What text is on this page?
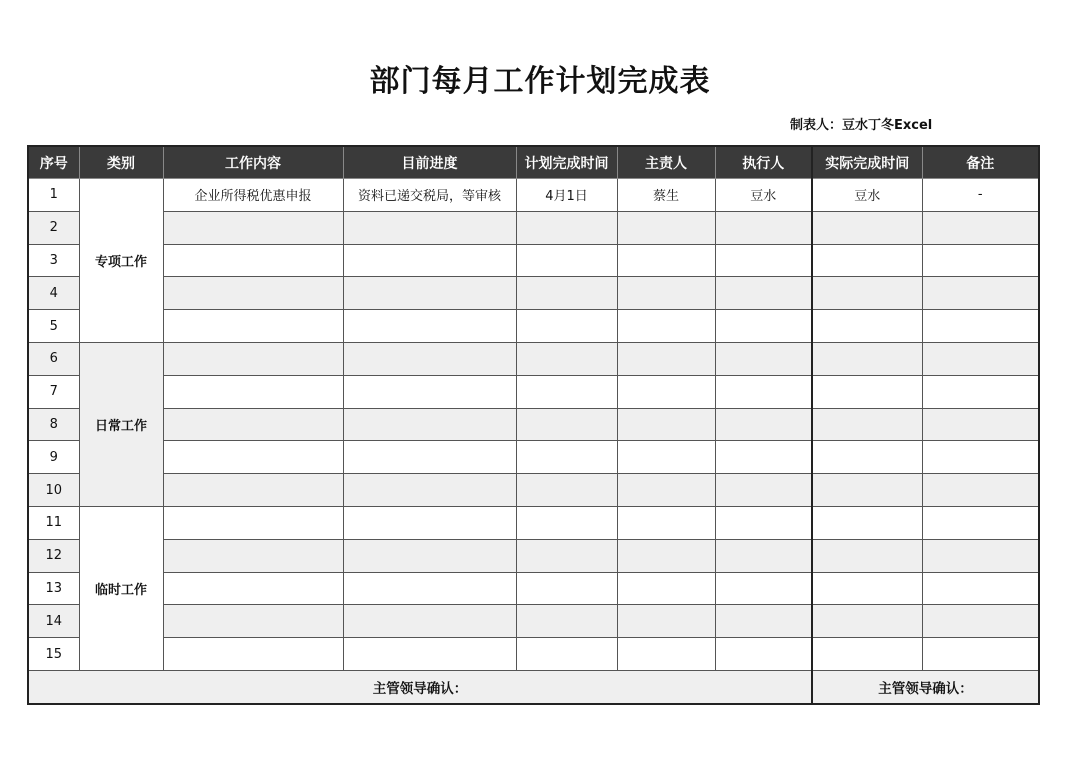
部门每月工作计划完成表
制表人：豆水丁冬Excel
序号	类别	工作内容	目前进度	计划完成时间	主责人	执行人	实际完成时间	备注
1	专项工作	企业所得税优惠申报	资料已递交税局，等审核	4月1日	蔡生	豆水	豆水	-
2								
3								
4								
5								
6	日常工作							
7								
8								
9								
10								
11	临时工作							
12								
13								
14								
15								
主管领导确认：							主管领导确认：	
